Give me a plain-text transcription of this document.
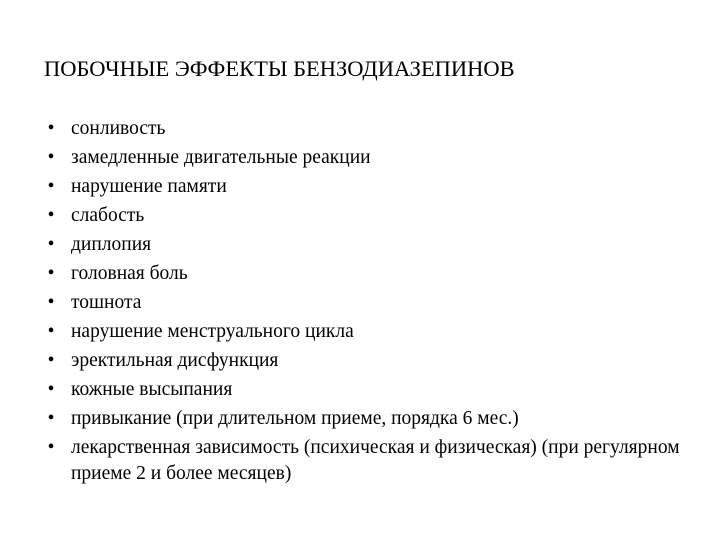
ПОБОЧНЫЕ ЭФФЕКТЫ БЕНЗОДИАЗЕПИНОВ
• сонливость
• замедленные двигательные реакции
• нарушение памяти
• слабость
• диплопия
• головная боль
• тошнота
• нарушение менструального цикла
• эректильная дисфункция
• кожные высыпания
• привыкание (при длительном приеме, порядка 6 мес.)
• лекарственная зависимость (психическая и физическая) (при регулярном приеме 2 и более месяцев)
